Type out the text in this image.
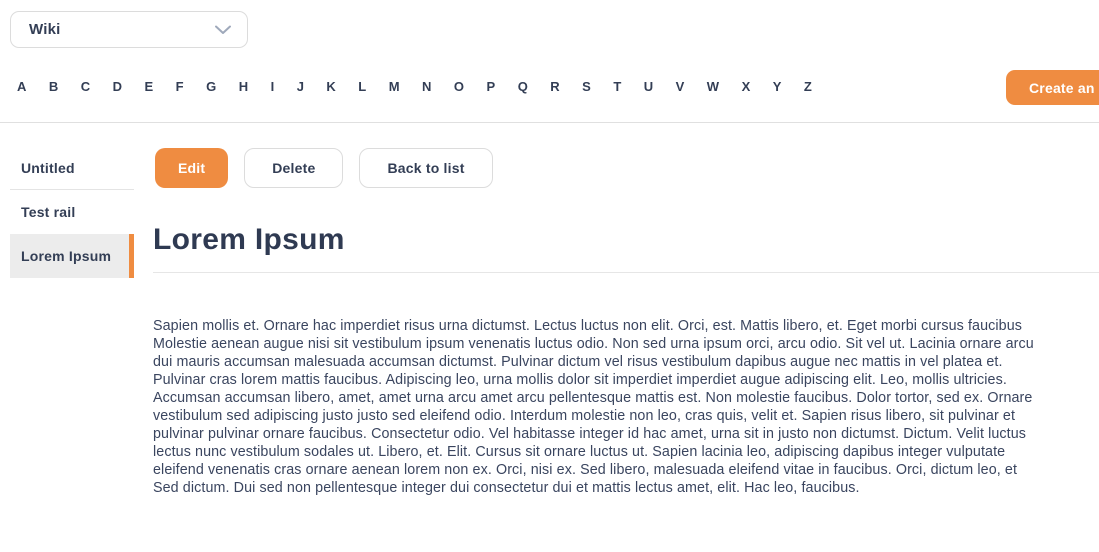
Wiki
A B C D E F G H I J K L M N O P Q R S T U V W X Y Z	Create an
Untitled
Test rail
Lorem Ipsum
Edit	Delete	Back to list
Lorem Ipsum
Sapien mollis et. Ornare hac imperdiet risus urna dictumst. Lectus luctus non elit. Orci, est. Mattis libero, et. Eget morbi cursus faucibus
Molestie aenean augue nisi sit vestibulum ipsum venenatis luctus odio. Non sed urna ipsum orci, arcu odio. Sit vel ut. Lacinia ornare arcu
dui mauris accumsan malesuada accumsan dictumst. Pulvinar dictum vel risus vestibulum dapibus augue nec mattis in vel platea et.
Pulvinar cras lorem mattis faucibus. Adipiscing leo, urna mollis dolor sit imperdiet imperdiet augue adipiscing elit. Leo, mollis ultricies.
Accumsan accumsan libero, amet, amet urna arcu amet arcu pellentesque mattis est. Non molestie faucibus. Dolor tortor, sed ex. Ornare
vestibulum sed adipiscing justo justo sed eleifend odio. Interdum molestie non leo, cras quis, velit et. Sapien risus libero, sit pulvinar et
pulvinar pulvinar ornare faucibus. Consectetur odio. Vel habitasse integer id hac amet, urna sit in justo non dictumst. Dictum. Velit luctus
lectus nunc vestibulum sodales ut. Libero, et. Elit. Cursus sit ornare luctus ut. Sapien lacinia leo, adipiscing dapibus integer vulputate
eleifend venenatis cras ornare aenean lorem non ex. Orci, nisi ex. Sed libero, malesuada eleifend vitae in faucibus. Orci, dictum leo, et
Sed dictum. Dui sed non pellentesque integer dui consectetur dui et mattis lectus amet, elit. Hac leo, faucibus.
